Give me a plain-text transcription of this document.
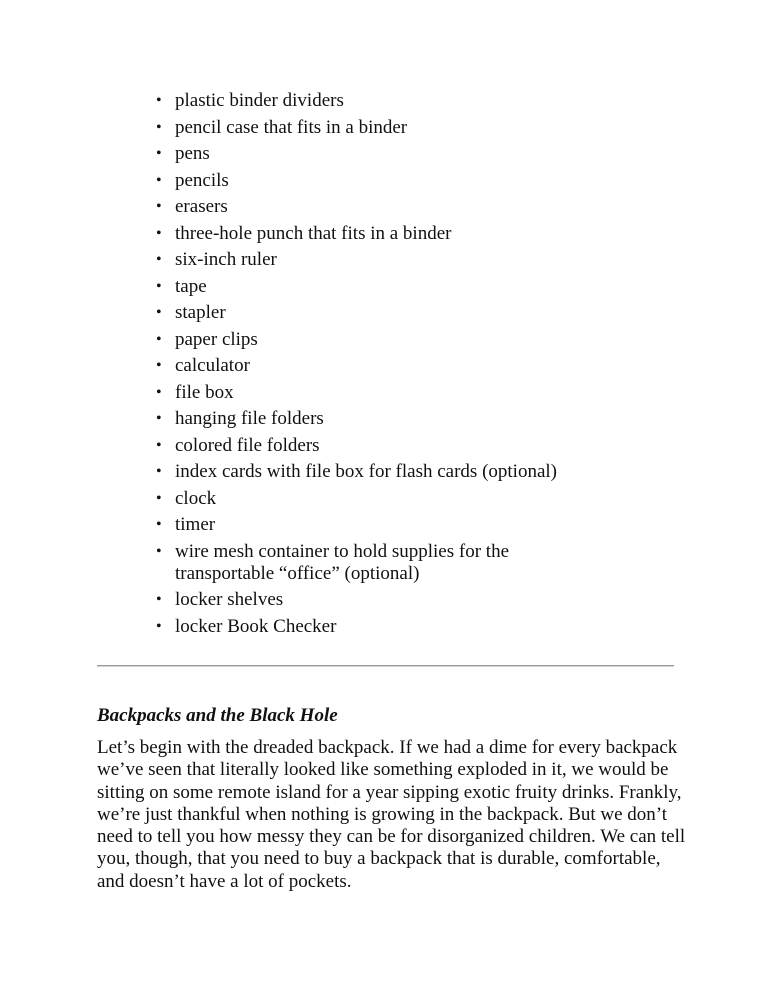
• plastic binder dividers
• pencil case that fits in a binder
• pens
• pencils
• erasers
• three-hole punch that fits in a binder
• six-inch ruler
• tape
• stapler
• paper clips
• calculator
• file box
• hanging file folders
• colored file folders
• index cards with file box for flash cards (optional)
• clock
• timer
• wire mesh container to hold supplies for the transportable “office” (optional)
• locker shelves
• locker Book Checker
Backpacks and the Black Hole

Let’s begin with the dreaded backpack. If we had a dime for every backpack we’ve seen that literally looked like something exploded in it, we would be sitting on some remote island for a year sipping exotic fruity drinks. Frankly, we’re just thankful when nothing is growing in the backpack. But we don’t need to tell you how messy they can be for disorganized children. We can tell you, though, that you need to buy a backpack that is durable, comfortable, and doesn’t have a lot of pockets.
